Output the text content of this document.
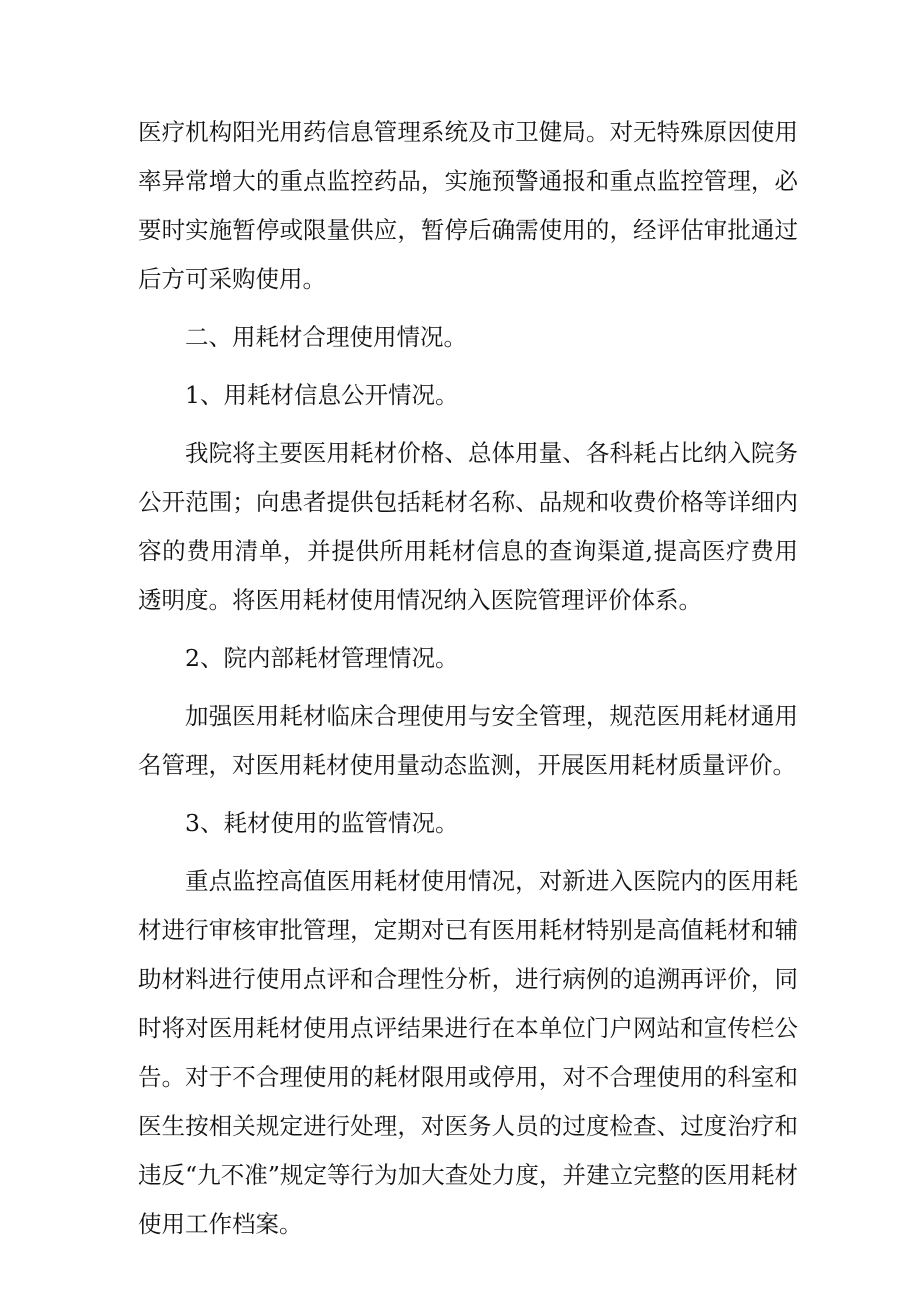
医疗机构阳光用药信息管理系统及市卫健局。对无特殊原因使用率异常增大的重点监控药品，实施预警通报和重点监控管理，必要时实施暂停或限量供应，暂停后确需使用的，经评估审批通过后方可采购使用。

二、用耗材合理使用情况。

1、用耗材信息公开情况。

我院将主要医用耗材价格、总体用量、各科耗占比纳入院务公开范围；向患者提供包括耗材名称、品规和收费价格等详细内容的费用清单，并提供所用耗材信息的查询渠道,提高医疗费用透明度。将医用耗材使用情况纳入医院管理评价体系。

2、院内部耗材管理情况。

加强医用耗材临床合理使用与安全管理，规范医用耗材通用名管理，对医用耗材使用量动态监测，开展医用耗材质量评价。

3、耗材使用的监管情况。

重点监控高值医用耗材使用情况，对新进入医院内的医用耗材进行审核审批管理，定期对已有医用耗材特别是高值耗材和辅助材料进行使用点评和合理性分析，进行病例的追溯再评价，同时将对医用耗材使用点评结果进行在本单位门户网站和宣传栏公告。对于不合理使用的耗材限用或停用，对不合理使用的科室和医生按相关规定进行处理，对医务人员的过度检查、过度治疗和违反“九不准”规定等行为加大查处力度，并建立完整的医用耗材使用工作档案。
